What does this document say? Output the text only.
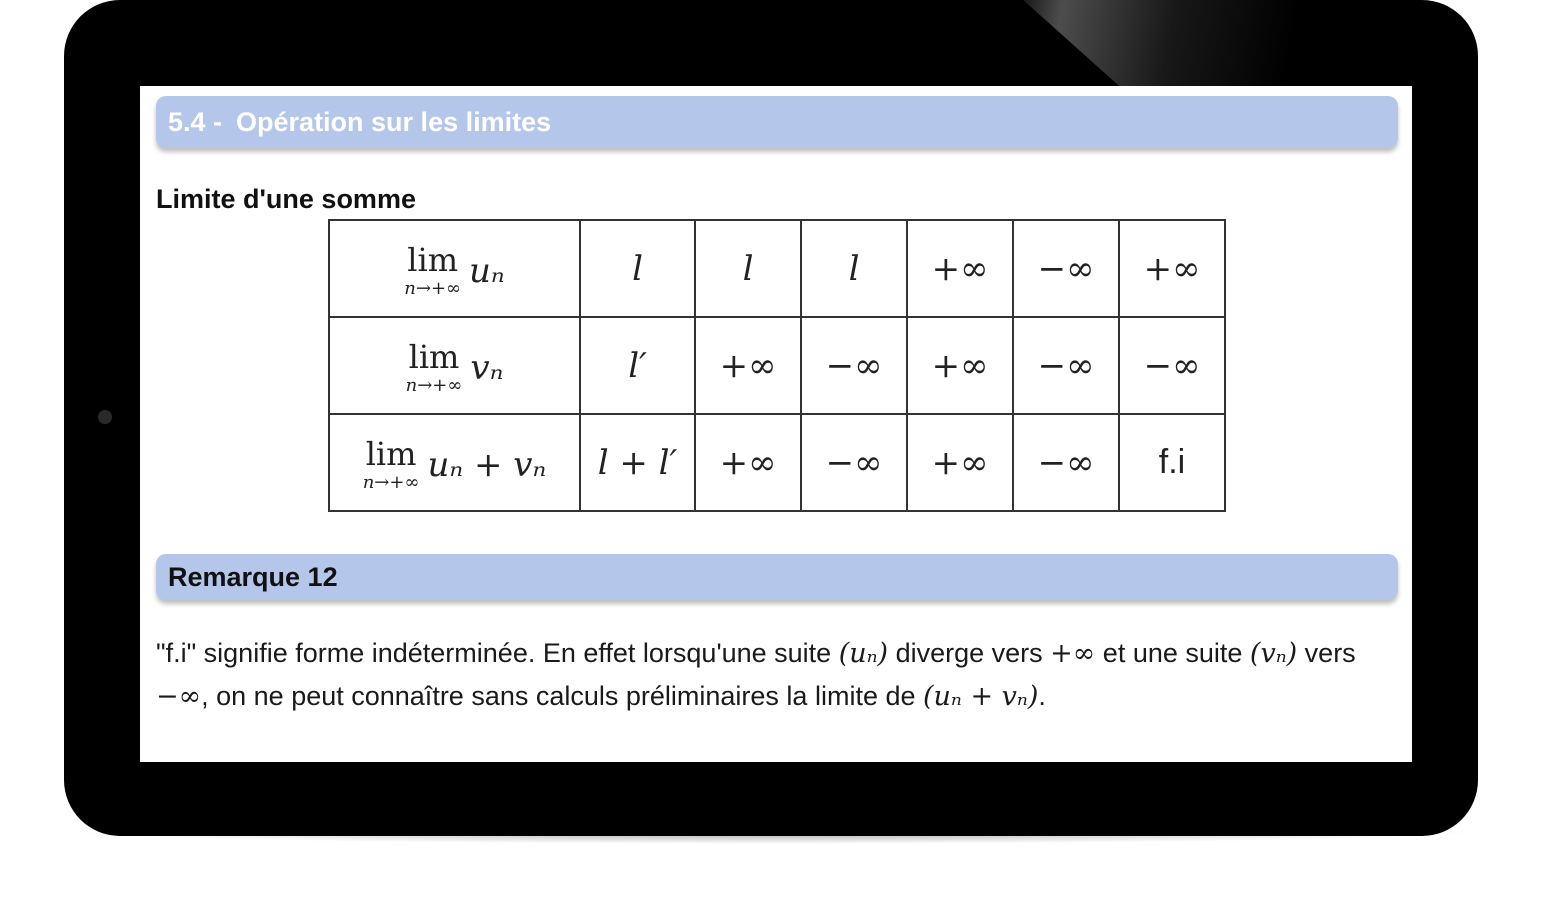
5.4 - Opération sur les limites
Limite d'une somme
lim
n→+∞ uₙ	l	l	l	+∞	−∞	+∞

lim
n→+∞ vₙ	l′	+∞	−∞	+∞	−∞	−∞

lim
n→+∞ uₙ + vₙ	l + l′	+∞	−∞	+∞	−∞	f.i
Remarque 12
"f.i" signifie forme indéterminée. En effet lorsqu'une suite (uₙ) diverge vers +∞ et une suite (vₙ) vers −∞, on ne peut connaître sans calculs préliminaires la limite de (uₙ + vₙ).
